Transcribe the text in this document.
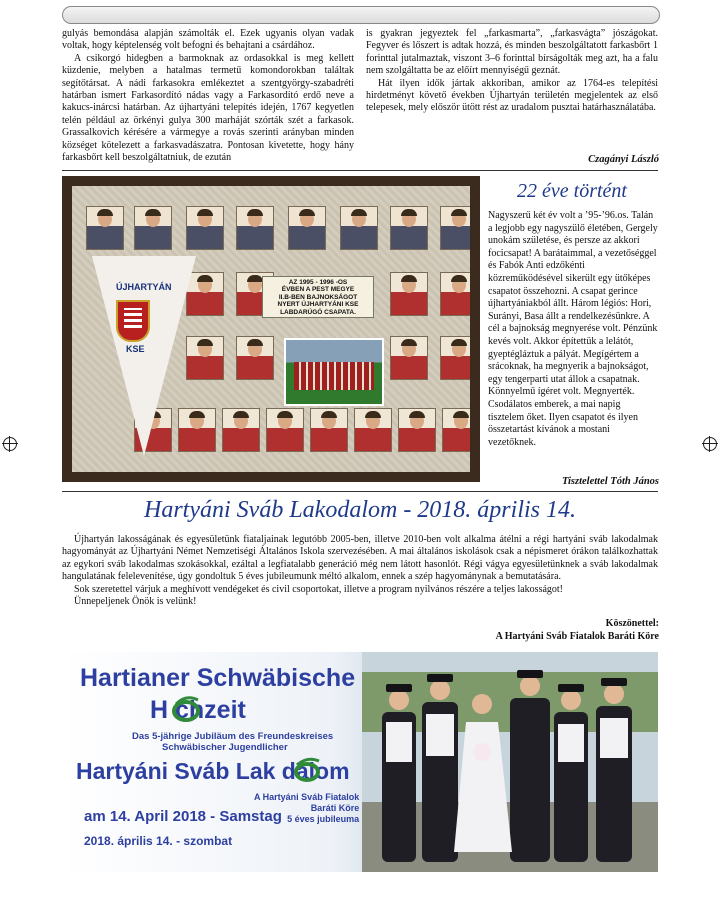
gulyás bemondása alapján számolták el. Ezek ugyanis olyan vadak voltak, hogy képtelenség volt befogni és behajtani a csárdához.

A csikorgó hidegben a barmoknak az ordasokkal is meg kellett küzdenie, melyben a hatalmas termetű komondorokban találtak segítőtársat. A nádi farkasokra emlékeztet a szentgyörgy-szabadréti határban ismert Farkasordító nádas vagy a Farkasordító erdő neve a kakucs-inárcsi határban. Az újhartyáni telepítés idején, 1767 kegyetlen telén például az örkényi gulya 300 marháját szórták szét a farkasok. Grassalkovich kérésére a vármegye a rovás szerinti arányban minden községet kötelezett a farkasvadászatra. Pontosan kivetette, hogy hány farkasbőrt kell beszolgáltatniuk, de ezután

is gyakran jegyeztek fel „farkasmarta”, „farkasvágta” jószágokat. Fegyver és lőszert is adtak hozzá, és minden beszolgáltatott farkasbőrt 1 forinttal jutalmaztak, viszont 3–6 forinttal bírságolták meg azt, ha a falu nem szolgáltatta be az előírt mennyiségű geznát.

Hát ilyen idők jártak akkoriban, amikor az 1764-es telepítési hirdetményt követő években Újhartyán területén megjelentek az első telepesek, mely először ütött rést az uradalom pusztai határhasználatába.

Czagányi László
AZ 1995 - 1996 -OS
ÉVBEN A PEST MEGYE
II.B-BEN BAJNOKSÁGOT
NYERT ÚJHARTYÁNI KSE
LABDARÚGÓ CSAPATA.
ÚJHARTYÁN
KSE
22 éve történt
Nagyszerű két év volt a ’95-’96.os. Talán a legjobb egy nagyszülő életében, Gergely unokám születése, és persze az akkori focicsapat! A barátaimmal, a vezetőséggel és Fabók Anti edzőkénti közreműködésével sikerült egy ütőképes csapatot összehozni. A csapat gerince újhartyániakból állt. Három légiós: Hori, Surányi, Basa állt a rendelkezésünkre. A cél a bajnokság megnyerése volt. Pénzünk kevés volt. Akkor építettük a lelátót, gyeptégláztuk a pályát. Megígértem a srácoknak, ha megnyerik a bajnokságot, egy tengerparti utat állok a csapatnak. Könnyelmű ígéret volt. Megnyerték. Csodálatos emberek, a mai napig tisztelem őket. Ilyen csapatot és ilyen összetartást kívánok a mostani vezetőknek.
Tisztelettel Tóth János
Hartyáni Sváb Lakodalom - 2018. április 14.

Újhartyán lakosságának és egyesületünk fiataljainak legutóbb 2005-ben, illetve 2010-ben volt alkalma átélni a régi hartyáni sváb lakodalmak hagyományát az Újhartyáni Német Nemzetiségi Általános Iskola szervezésében. A mai általános iskolások csak a népismeret órákon találkozhattak az egykori sváb lakodalmas szokásokkal, ezáltal a legfiatalabb generáció még nem látott hasonlót. Régi vágya egyesületünknek a sváb lakodalmak hangulatának felelevenítése, úgy gondoltuk 5 éves jubileumunk méltó alkalom, ennek a szép hagyománynak a bemutatására.

Sok szeretettel várjuk a meghívott vendégeket és civil csoportokat, illetve a program nyilvános részére a teljes lakosságot!

Ünnepeljenek Önök is velünk!

Köszönettel:
A Hartyáni Sváb Fiatalok Baráti Köre
Hartianer Schwäbische
H chzeit
Das 5-jährige Jubiläum des Freundeskreises
Schwäbischer Jugendlicher
Hartyáni Sváb Lak dalom
A Hartyáni Sváb Fiatalok
Baráti Köre
5 éves jubileuma
am 14. April 2018 - Samstag
2018. április 14. - szombat
